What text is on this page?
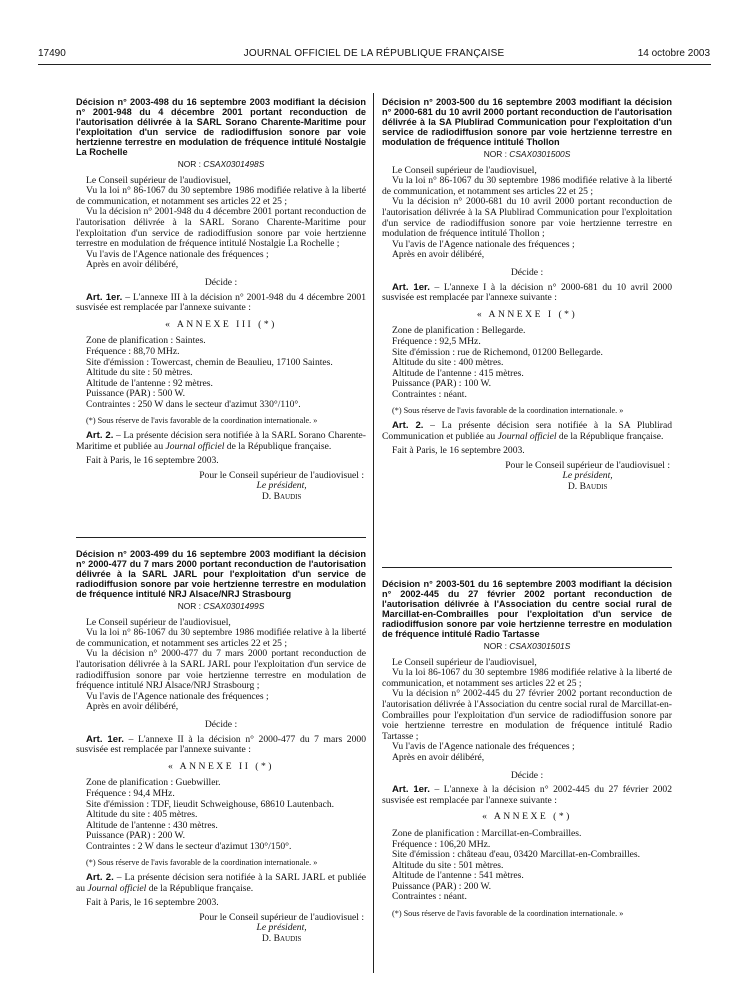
17490	JOURNAL OFFICIEL DE LA RÉPUBLIQUE FRANÇAISE	14 octobre 2003

Décision n° 2003-498 du 16 septembre 2003 modifiant la décision n° 2001-948 du 4 décembre 2001 portant reconduction de l'autorisation délivrée à la SARL Sorano Charente-Maritime pour l'exploitation d'un service de radiodiffusion sonore par voie hertzienne terrestre en modulation de fréquence intitulé Nostalgie La Rochelle

NOR : CSAX0301498S

Le Conseil supérieur de l'audiovisuel,

Vu la loi n° 86-1067 du 30 septembre 1986 modifiée relative à la liberté de communication, et notamment ses articles 22 et 25 ;

Vu la décision n° 2001-948 du 4 décembre 2001 portant reconduction de l'autorisation délivrée à la SARL Sorano Charente-Maritime pour l'exploitation d'un service de radiodiffusion sonore par voie hertzienne terrestre en modulation de fréquence intitulé Nostalgie La Rochelle ;

Vu l'avis de l'Agence nationale des fréquences ;

Après en avoir délibéré,

Décide :

Art. 1er. – L'annexe III à la décision n° 2001-948 du 4 décembre 2001 susvisée est remplacée par l'annexe suivante :

« ANNEXE III (*)

Zone de planification : Saintes.

Fréquence : 88,70 MHz.

Site d'émission : Towercast, chemin de Beaulieu, 17100 Saintes.

Altitude du site : 50 mètres.

Altitude de l'antenne : 92 mètres.

Puissance (PAR) : 500 W.

Contraintes : 250 W dans le secteur d'azimut 330°/110°.

(*) Sous réserve de l'avis favorable de la coordination internationale. »

Art. 2. – La présente décision sera notifiée à la SARL Sorano Charente-Maritime et publiée au Journal officiel de la République française.

Fait à Paris, le 16 septembre 2003.

Pour le Conseil supérieur de l'audiovisuel :
Le président,
D. Baudis

Décision n° 2003-499 du 16 septembre 2003 modifiant la décision n° 2000-477 du 7 mars 2000 portant reconduction de l'autorisation délivrée à la SARL JARL pour l'exploitation d'un service de radiodiffusion sonore par voie hertzienne terrestre en modulation de fréquence intitulé NRJ Alsace/NRJ Strasbourg

NOR : CSAX0301499S

Le Conseil supérieur de l'audiovisuel,

Vu la loi n° 86-1067 du 30 septembre 1986 modifiée relative à la liberté de communication, et notamment ses articles 22 et 25 ;

Vu la décision n° 2000-477 du 7 mars 2000 portant reconduction de l'autorisation délivrée à la SARL JARL pour l'exploitation d'un service de radiodiffusion sonore par voie hertzienne terrestre en modulation de fréquence intitulé NRJ Alsace/NRJ Strasbourg ;

Vu l'avis de l'Agence nationale des fréquences ;

Après en avoir délibéré,

Décide :

Art. 1er. – L'annexe II à la décision n° 2000-477 du 7 mars 2000 susvisée est remplacée par l'annexe suivante :

« ANNEXE II (*)

Zone de planification : Guebwiller.

Fréquence : 94,4 MHz.

Site d'émission : TDF, lieudit Schweighouse, 68610 Lautenbach.

Altitude du site : 405 mètres.

Altitude de l'antenne : 430 mètres.

Puissance (PAR) : 200 W.

Contraintes : 2 W dans le secteur d'azimut 130°/150°.

(*) Sous réserve de l'avis favorable de la coordination internationale. »

Art. 2. – La présente décision sera notifiée à la SARL JARL et publiée au Journal officiel de la République française.

Fait à Paris, le 16 septembre 2003.

Pour le Conseil supérieur de l'audiovisuel :
Le président,
D. Baudis

Décision n° 2003-500 du 16 septembre 2003 modifiant la décision n° 2000-681 du 10 avril 2000 portant reconduction de l'autorisation délivrée à la SA Plublirad Communication pour l'exploitation d'un service de radiodiffusion sonore par voie hertzienne terrestre en modulation de fréquence intitulé Thollon

NOR : CSAX0301500S

Le Conseil supérieur de l'audiovisuel,

Vu la loi n° 86-1067 du 30 septembre 1986 modifiée relative à la liberté de communication, et notamment ses articles 22 et 25 ;

Vu la décision n° 2000-681 du 10 avril 2000 portant reconduction de l'autorisation délivrée à la SA Plublirad Communication pour l'exploitation d'un service de radiodiffusion sonore par voie hertzienne terrestre en modulation de fréquence intitulé Thollon ;

Vu l'avis de l'Agence nationale des fréquences ;

Après en avoir délibéré,

Décide :

Art. 1er. – L'annexe I à la décision n° 2000-681 du 10 avril 2000 susvisée est remplacée par l'annexe suivante :

« ANNEXE I (*)

Zone de planification : Bellegarde.

Fréquence : 92,5 MHz.

Site d'émission : rue de Richemond, 01200 Bellegarde.

Altitude du site : 400 mètres.

Altitude de l'antenne : 415 mètres.

Puissance (PAR) : 100 W.

Contraintes : néant.

(*) Sous réserve de l'avis favorable de la coordination internationale. »

Art. 2. – La présente décision sera notifiée à la SA Plublirad Communication et publiée au Journal officiel de la République française.

Fait à Paris, le 16 septembre 2003.

Pour le Conseil supérieur de l'audiovisuel :
Le président,
D. Baudis

Décision n° 2003-501 du 16 septembre 2003 modifiant la décision n° 2002-445 du 27 février 2002 portant reconduction de l'autorisation délivrée à l'Association du centre social rural de Marcillat-en-Combrailles pour l'exploitation d'un service de radiodiffusion sonore par voie hertzienne terrestre en modulation de fréquence intitulé Radio Tartasse

NOR : CSAX0301501S

Le Conseil supérieur de l'audiovisuel,

Vu la loi 86-1067 du 30 septembre 1986 modifiée relative à la liberté de communication, et notamment ses articles 22 et 25 ;

Vu la décision n° 2002-445 du 27 février 2002 portant reconduction de l'autorisation délivrée à l'Association du centre social rural de Marcillat-en-Combrailles pour l'exploitation d'un service de radiodiffusion sonore par voie hertzienne terrestre en modulation de fréquence intitulé Radio Tartasse ;

Vu l'avis de l'Agence nationale des fréquences ;

Après en avoir délibéré,

Décide :

Art. 1er. – L'annexe à la décision n° 2002-445 du 27 février 2002 susvisée est remplacée par l'annexe suivante :

« ANNEXE (*)

Zone de planification : Marcillat-en-Combrailles.

Fréquence : 106,20 MHz.

Site d'émission : château d'eau, 03420 Marcillat-en-Combrailles.

Altitude du site : 501 mètres.

Altitude de l'antenne : 541 mètres.

Puissance (PAR) : 200 W.

Contraintes : néant.

(*) Sous réserve de l'avis favorable de la coordination internationale. »
